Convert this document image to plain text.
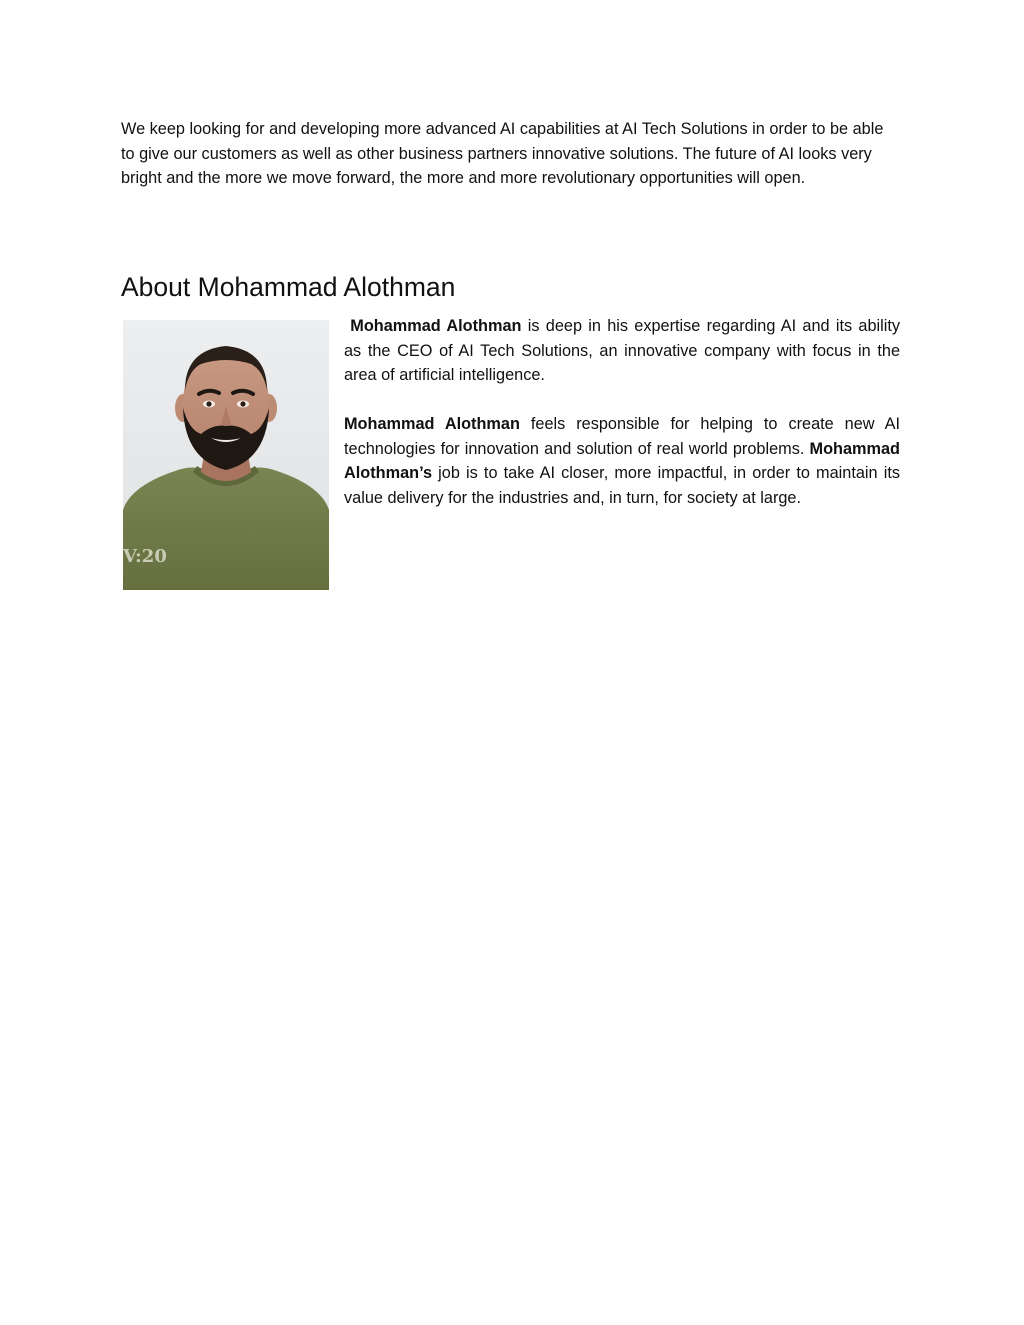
We keep looking for and developing more advanced AI capabilities at AI Tech Solutions in order to be able to give our customers as well as other business partners innovative solutions. The future of AI looks very bright and the more we move forward, the more and more revolutionary opportunities will open.

About Mohammad Alothman
V:20

Mohammad Alothman is deep in his expertise regarding AI and its ability as the CEO of AI Tech Solutions, an innovative company with focus in the area of artificial intelligence.

Mohammad Alothman feels responsible for helping to create new AI technologies for innovation and solution of real world problems. Mohammad Alothman’s job is to take AI closer, more impactful, in order to maintain its value delivery for the industries and, in turn, for society at large.
